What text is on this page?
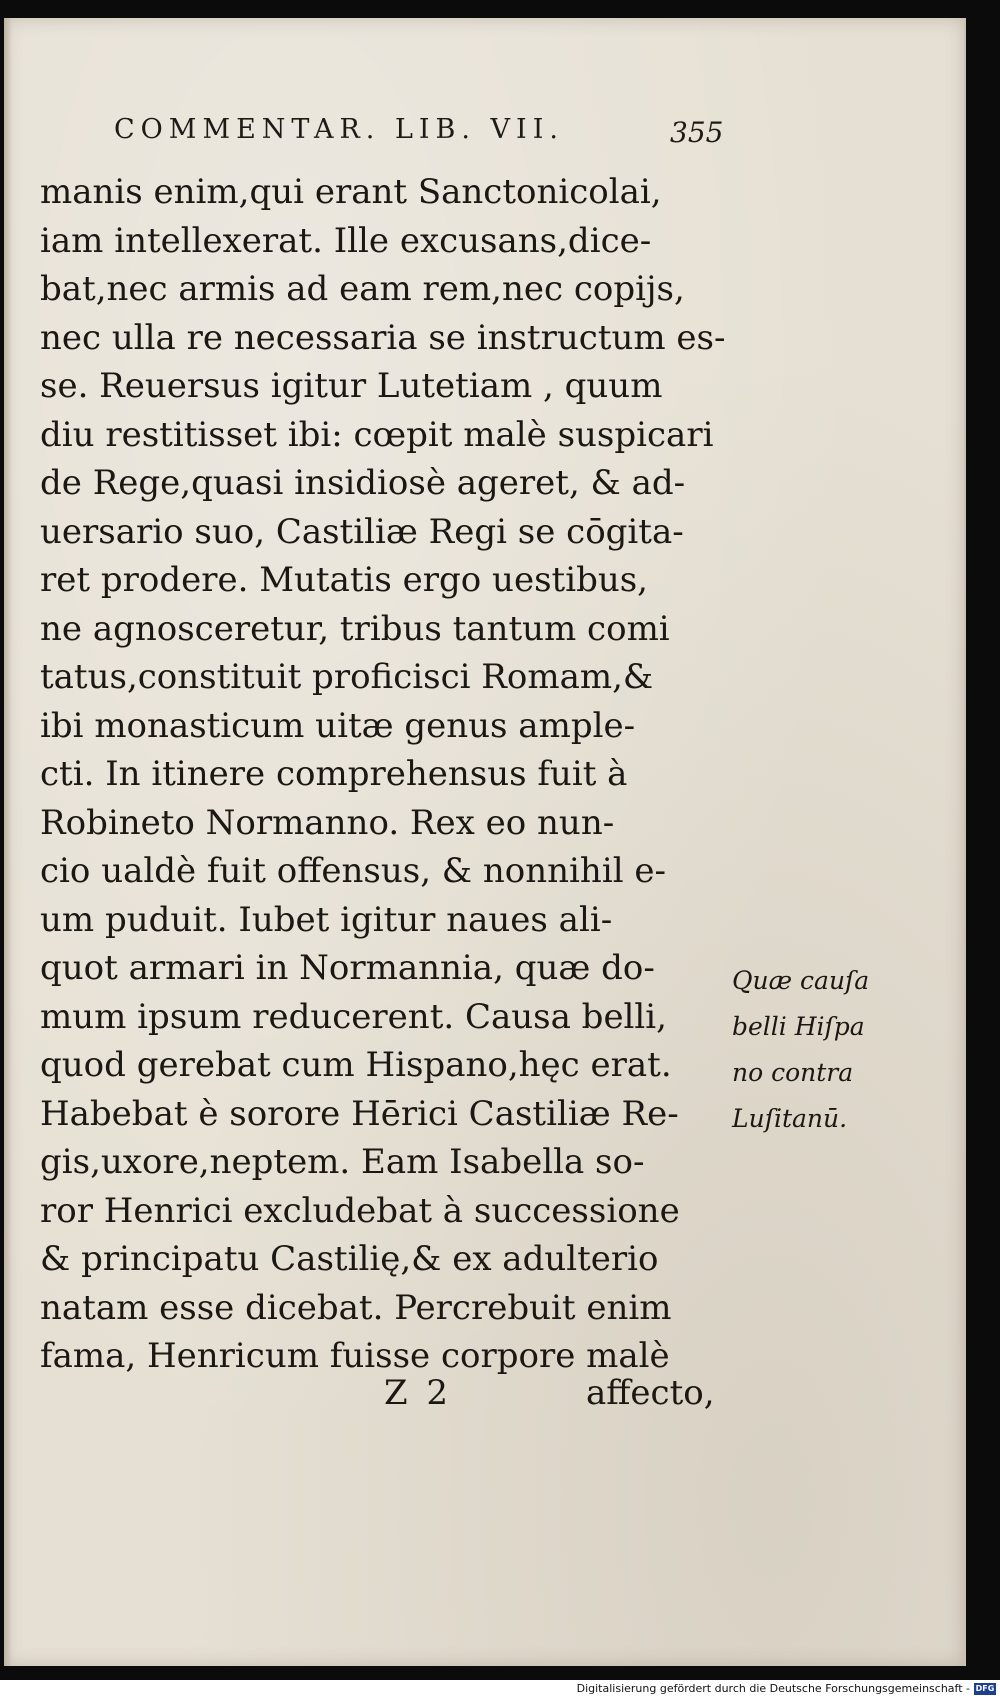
COMMENTAR. LIB. VII.	355
manis enim,qui erant Sanctonicolai,
iam intellexerat. Ille excusans,dice-
bat,nec armis ad eam rem,nec copijs,
nec ulla re necessaria se instructum es-
se. Reuersus igitur Lutetiam , quum
diu restitisset ibi: cœpit malè suspicari
de Rege,quasi insidiosè ageret, & ad-
uersario suo, Castiliæ Regi se cōgita-
ret prodere. Mutatis ergo uestibus,
ne agnosceretur, tribus tantum comi
tatus,constituit proficisci Romam,&
ibi monasticum uitæ genus ample-
cti. In itinere comprehensus fuit à
Robineto Normanno. Rex eo nun-
cio ualdè fuit offensus, & nonnihil e-
um puduit. Iubet igitur naues ali-
quot armari in Normannia, quæ do-
mum ipsum reducerent. Causa belli,
quod gerebat cum Hispano,hęc erat.
Habebat è sorore Hērici Castiliæ Re-
gis,uxore,neptem. Eam Isabella so-
ror Henrici excludebat à successione
& principatu Castilię,& ex adulterio
natam esse dicebat. Percrebuit enim
fama, Henricum fuisse corpore malè
Z 2	affecto,
Quæ cauſa
belli Hiſpa
no contra
Luſitanū.
Digitalisierung gefördert durch die Deutsche Forschungsgemeinschaft - DFG
